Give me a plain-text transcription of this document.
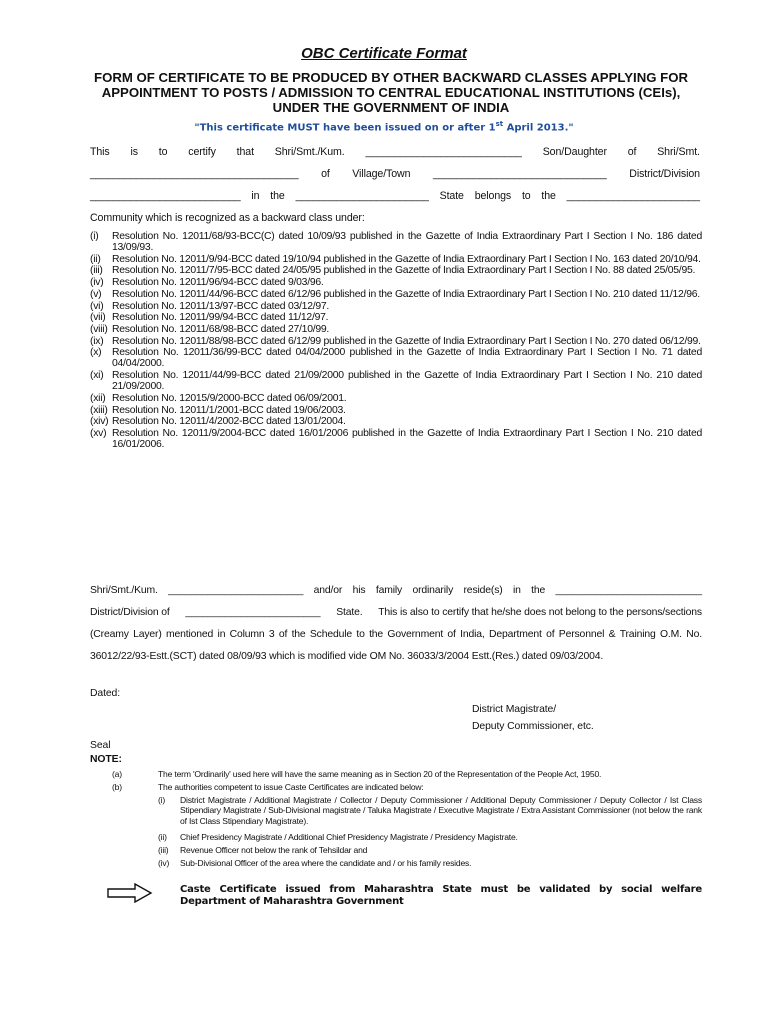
OBC Certificate Format
FORM OF CERTIFICATE TO BE PRODUCED BY OTHER BACKWARD CLASSES APPLYING FOR APPOINTMENT TO POSTS / ADMISSION TO CENTRAL EDUCATIONAL INSTITUTIONS (CEIs), UNDER THE GOVERNMENT OF INDIA
"This certificate MUST have been issued on or after 1st April 2013."
This is to certify that Shri/Smt./Kum. ___________________________ Son/Daughter of Shri/Smt.
____________________________________ of Village/Town ______________________________ District/Division
__________________________ in the _______________________ State belongs to the _______________________
Community which is recognized as a backward class under:
(i)	Resolution No. 12011/68/93-BCC(C) dated 10/09/93 published in the Gazette of India Extraordinary Part I Section I No. 186 dated 13/09/93.
(ii)	Resolution No. 12011/9/94-BCC dated 19/10/94 published in the Gazette of India Extraordinary Part I Section I No. 163 dated 20/10/94.
(iii) Resolution No. 12011/7/95-BCC dated 24/05/95 published in the Gazette of India Extraordinary Part I Section I No. 88 dated 25/05/95.
(iv) Resolution No. 12011/96/94-BCC dated 9/03/96.
(v)	Resolution No. 12011/44/96-BCC dated 6/12/96 published in the Gazette of India Extraordinary Part I Section I No. 210 dated 11/12/96.
(vi) Resolution No. 12011/13/97-BCC dated 03/12/97.
(vii) Resolution No. 12011/99/94-BCC dated 11/12/97.
(viii) Resolution No. 12011/68/98-BCC dated 27/10/99.
(ix) Resolution No. 12011/88/98-BCC dated 6/12/99 published in the Gazette of India Extraordinary Part I Section I No. 270 dated 06/12/99.
(x)	Resolution No. 12011/36/99-BCC dated 04/04/2000 published in the Gazette of India Extraordinary Part I Section I No. 71 dated 04/04/2000.
(xi) Resolution No. 12011/44/99-BCC dated 21/09/2000 published in the Gazette of India Extraordinary Part I Section I No. 210 dated 21/09/2000.
(xii) Resolution No. 12015/9/2000-BCC dated 06/09/2001.
(xiii) Resolution No. 12011/1/2001-BCC dated 19/06/2003.
(xiv) Resolution No. 12011/4/2002-BCC dated 13/01/2004.
(xv) Resolution No. 12011/9/2004-BCC dated 16/01/2006 published in the Gazette of India Extraordinary Part I Section I No. 210 dated 16/01/2006.
Shri/Smt./Kum. ________________________ and/or his family ordinarily reside(s) in the __________________________
District/Division of ________________________ State. This is also to certify that he/she does not belong to the persons/sections
(Creamy Layer) mentioned in Column 3 of the Schedule to the Government of India, Department of Personnel & Training O.M. No.
36012/22/93-Estt.(SCT) dated 08/09/93 which is modified vide OM No. 36033/3/2004 Estt.(Res.) dated 09/03/2004.
Dated:
District Magistrate/
Deputy Commissioner, etc.
Seal
NOTE:
(a)	The term 'Ordinarily' used here will have the same meaning as in Section 20 of the Representation of the People Act, 1950.
(b)	The authorities competent to issue Caste Certificates are indicated below:
(i) District Magistrate / Additional Magistrate / Collector / Deputy Commissioner / Additional Deputy Commissioner / Deputy Collector / Ist Class Stipendiary Magistrate / Sub-Divisional magistrate / Taluka Magistrate / Executive Magistrate / Extra Assistant Commissioner (not below the rank of Ist Class Stipendiary Magistrate).
(ii) Chief Presidency Magistrate / Additional Chief Presidency Magistrate / Presidency Magistrate.
(iii) Revenue Officer not below the rank of Tehsildar and
(iv) Sub-Divisional Officer of the area where the candidate and / or his family resides.
Caste Certificate issued from Maharashtra State must be validated by social welfare Department of Maharashtra Government
